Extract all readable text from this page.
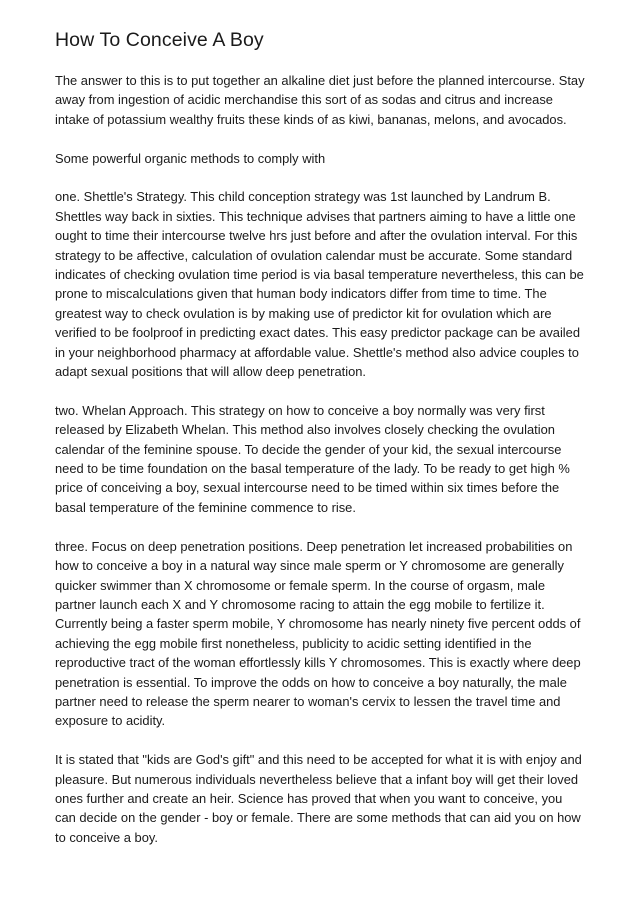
How To Conceive A Boy

The answer to this is to put together an alkaline diet just before the planned intercourse. Stay
away from ingestion of acidic merchandise this sort of as sodas and citrus and increase
intake of potassium wealthy fruits these kinds of as kiwi, bananas, melons, and avocados.

Some powerful organic methods to comply with

one. Shettle's Strategy. This child conception strategy was 1st launched by Landrum B.
Shettles way back in sixties. This technique advises that partners aiming to have a little one
ought to time their intercourse twelve hrs just before and after the ovulation interval. For this
strategy to be affective, calculation of ovulation calendar must be accurate. Some standard
indicates of checking ovulation time period is via basal temperature nevertheless, this can be
prone to miscalculations given that human body indicators differ from time to time. The
greatest way to check ovulation is by making use of predictor kit for ovulation which are
verified to be foolproof in predicting exact dates. This easy predictor package can be availed
in your neighborhood pharmacy at affordable value. Shettle's method also advice couples to
adapt sexual positions that will allow deep penetration.

two. Whelan Approach. This strategy on how to conceive a boy normally was very first
released by Elizabeth Whelan. This method also involves closely checking the ovulation
calendar of the feminine spouse. To decide the gender of your kid, the sexual intercourse
need to be time foundation on the basal temperature of the lady. To be ready to get high %
price of conceiving a boy, sexual intercourse need to be timed within six times before the
basal temperature of the feminine commence to rise.

three. Focus on deep penetration positions. Deep penetration let increased probabilities on
how to conceive a boy in a natural way since male sperm or Y chromosome are generally
quicker swimmer than X chromosome or female sperm. In the course of orgasm, male
partner launch each X and Y chromosome racing to attain the egg mobile to fertilize it.
Currently being a faster sperm mobile, Y chromosome has nearly ninety five percent odds of
achieving the egg mobile first nonetheless, publicity to acidic setting identified in the
reproductive tract of the woman effortlessly kills Y chromosomes. This is exactly where deep
penetration is essential. To improve the odds on how to conceive a boy naturally, the male
partner need to release the sperm nearer to woman's cervix to lessen the travel time and
exposure to acidity.

It is stated that "kids are God's gift" and this need to be accepted for what it is with enjoy and
pleasure. But numerous individuals nevertheless believe that a infant boy will get their loved
ones further and create an heir. Science has proved that when you want to conceive, you
can decide on the gender - boy or female. There are some methods that can aid you on how
to conceive a boy.
